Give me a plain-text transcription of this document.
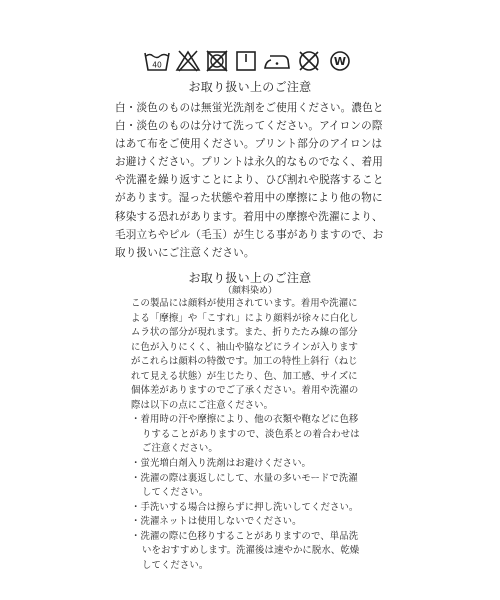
40	W
お取り扱い上のご注意
白・淡色のものは無蛍光洗剤をご使用ください。濃色と
白・淡色のものは分けて洗ってください。アイロンの際
はあて布をご使用ください。プリント部分のアイロンは
お避けください。プリントは永久的なものでなく、着用
や洗濯を繰り返すことにより、ひび割れや脱落すること
があります。湿った状態や着用中の摩擦により他の物に
移染する恐れがあります。着用中の摩擦や洗濯により、
毛羽立ちやピル（毛玉）が生じる事がありますので、お
取り扱いにご注意ください。
お取り扱い上のご注意
（顔料染め）
この製品には顔料が使用されています。着用や洗濯に
よる「摩擦」や「こすれ」により顔料が徐々に白化し
ムラ状の部分が現れます。また、折りたたみ線の部分
に色が入りにくく、袖山や脇などにラインが入ります
がこれらは顔料の特徴です。加工の特性上斜行（ねじ
れて見える状態）が生じたり、色、加工感、サイズに
個体差がありますのでご了承ください。着用や洗濯の
際は以下の点にご注意ください。
・着用時の汗や摩擦により、他の衣類や鞄などに色移
りすることがありますので、淡色系との着合わせは
ご注意ください。
・蛍光増白剤入り洗剤はお避けください。
・洗濯の際は裏返しにして、水量の多いモードで洗濯
してください。
・手洗いする場合は擦らずに押し洗いしてください。
・洗濯ネットは使用しないでください。
・洗濯の際に色移りすることがありますので、単品洗
いをおすすめします。洗濯後は速やかに脱水、乾燥
してください。
